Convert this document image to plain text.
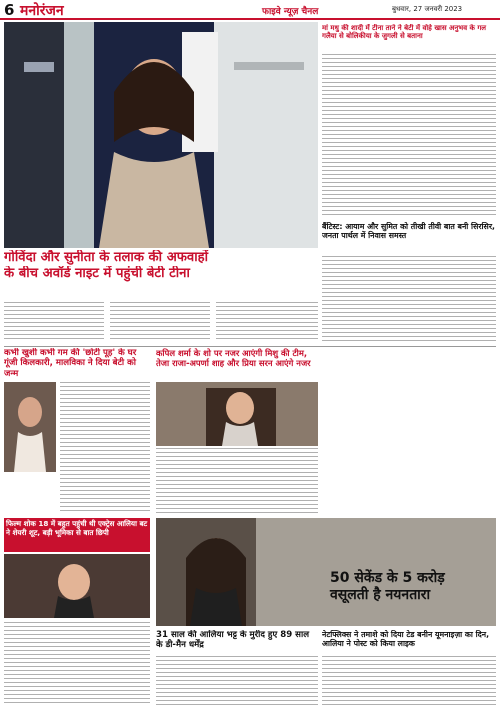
6 मनोरंजन	फाइवे न्यूज़ चैनल	बुधवार, 27 जनवरी 2023
गोविंदा और सुनीता के तलाक की अफवाहों
के बीच अवॉर्ड नाइट में पहुंची बेटी टीना
मां मधु की शादी में टीना ताने ने बेटी में वोहे खास अनुभव के गल गलैया से बोलिकीया के जुगली से बताना
बैंटिस्ट: आयाम और सुमित को तीखी तीवी बात बनी सिरसिर, जनता पार्थल में निवास समस्त
कभी खुशी कभी गम की 'छोटी पूह' के घर गूंजी किलकारी, मालविका ने दिया बेटी को जन्म
कपिल शर्मा के शो पर नजर आएंगी मिशु की टीम, तेजा राजा-अपर्णा शाह और प्रिया सरन आएंगे नजर
फिल्म शोक 18 में बहुत पहुंची थी एक्ट्रेस आलिया बट ने शेयरी शूट, बड़ी भूमिका से बात छिपी
50 सेकेंड के 5 करोड़
वसूलती है नयनतारा
31 साल की आलिया भट्ट के मुरीद हुए 89 साल के डी-मैन धर्मेंद्र
नेटफ्लिक्स ने तमाशे को दिया टेड बनीन यूमनाइज़ा का दिन, आलिया ने पोस्ट को किया लाइक
